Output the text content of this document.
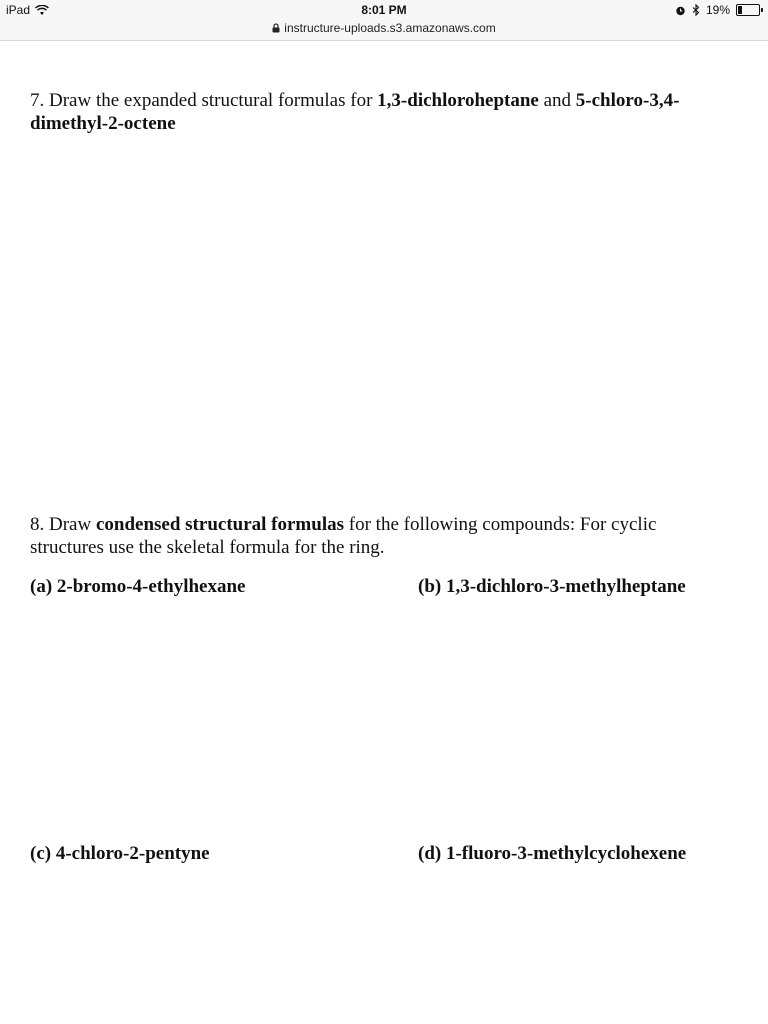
iPad	8:01 PM	19%
instructure-uploads.s3.amazonaws.com
7. Draw the expanded structural formulas for 1,3-dichloroheptane and 5-chloro-3,4-dimethyl-2-octene
8. Draw condensed structural formulas for the following compounds: For cyclic structures use the skeletal formula for the ring.
(a) 2-bromo-4-ethylhexane	(b) 1,3-dichloro-3-methylheptane
(c) 4-chloro-2-pentyne	(d) 1-fluoro-3-methylcyclohexene
